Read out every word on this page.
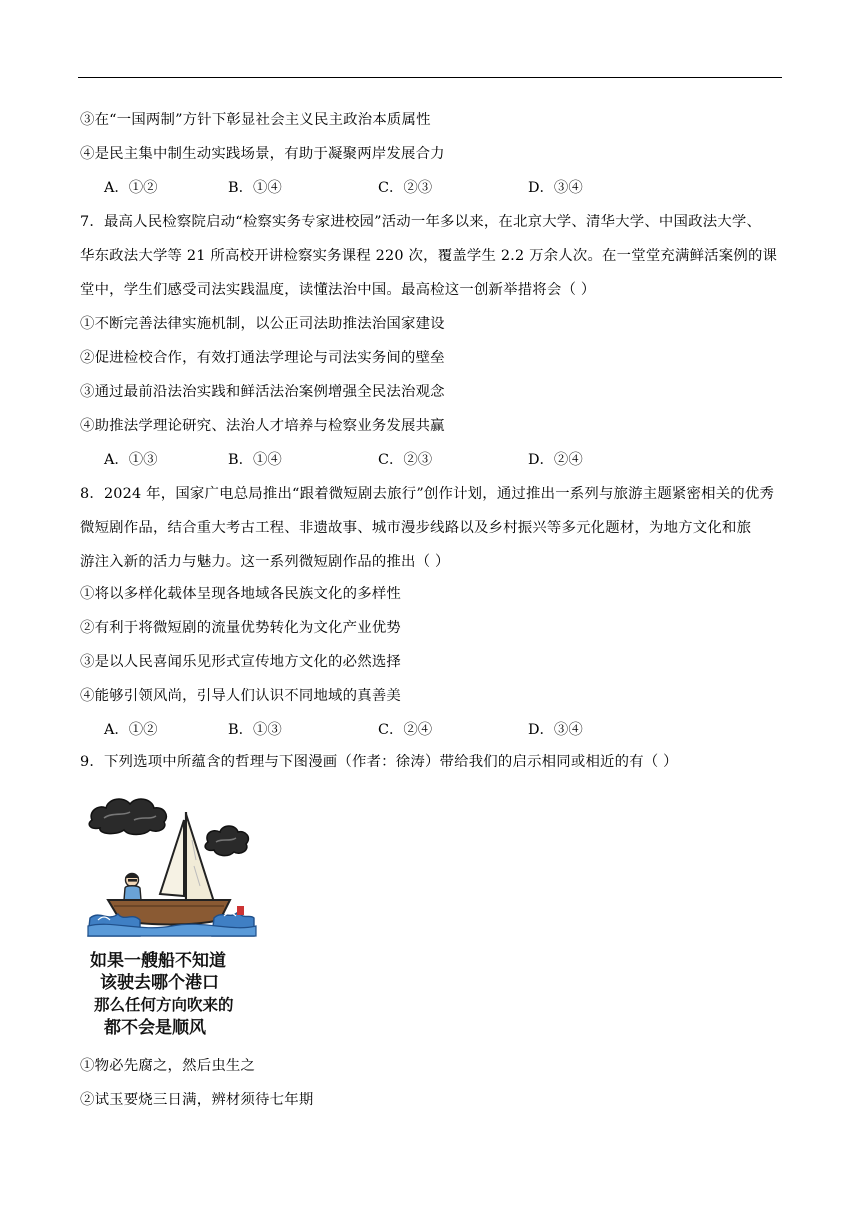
③在“一国两制”方针下彰显社会主义民主政治本质属性
④是民主集中制生动实践场景，有助于凝聚两岸发展合力
A．①②	B．①④	C．②③	D．③④
7．最高人民检察院启动“检察实务专家进校园”活动一年多以来，在北京大学、清华大学、中国政法大学、
华东政法大学等 21 所高校开讲检察实务课程 220 次，覆盖学生 2.2 万余人次。在一堂堂充满鲜活案例的课
堂中，学生们感受司法实践温度，读懂法治中国。最高检这一创新举措将会（ ）
①不断完善法律实施机制，以公正司法助推法治国家建设
②促进检校合作，有效打通法学理论与司法实务间的壁垒
③通过最前沿法治实践和鲜活法治案例增强全民法治观念
④助推法学理论研究、法治人才培养与检察业务发展共赢
A．①③	B．①④	C．②③	D．②④
8．2024 年，国家广电总局推出“跟着微短剧去旅行”创作计划，通过推出一系列与旅游主题紧密相关的优秀
微短剧作品，结合重大考古工程、非遗故事、城市漫步线路以及乡村振兴等多元化题材，为地方文化和旅
游注入新的活力与魅力。这一系列微短剧作品的推出（ ）
①将以多样化载体呈现各地域各民族文化的多样性
②有利于将微短剧的流量优势转化为文化产业优势
③是以人民喜闻乐见形式宣传地方文化的必然选择
④能够引领风尚，引导人们认识不同地域的真善美
A．①②	B．①③	C．②④	D．③④
9．下列选项中所蕴含的哲理与下图漫画（作者：徐涛）带给我们的启示相同或相近的有（ ）
如果一艘船不知道
该驶去哪个港口
那么任何方向吹来的
都不会是顺风
①物必先腐之，然后虫生之
②试玉要烧三日满，辨材须待七年期
